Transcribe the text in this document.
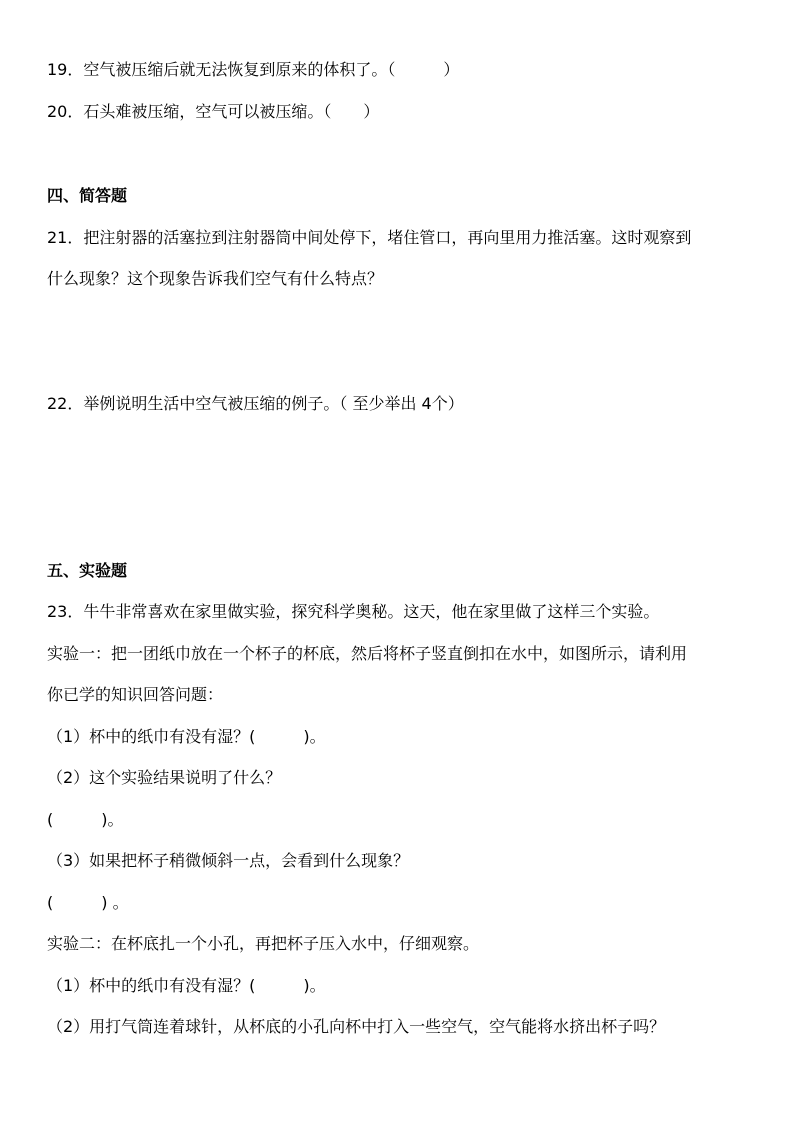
19．空气被压缩后就无法恢复到原来的体积了。（　　　）
20．石头难被压缩，空气可以被压缩。（　　）
四、简答题
21．把注射器的活塞拉到注射器筒中间处停下，堵住管口，再向里用力推活塞。这时观察到
什么现象？这个现象告诉我们空气有什么特点？
22．举例说明生活中空气被压缩的例子。（ 至少举出 4个）
五、实验题
23．牛牛非常喜欢在家里做实验，探究科学奥秘。这天，他在家里做了这样三个实验。
实验一：把一团纸巾放在一个杯子的杯底，然后将杯子竖直倒扣在水中，如图所示，请利用
你已学的知识回答问题：
（1）杯中的纸巾有没有湿？(　　　)。
（2）这个实验结果说明了什么？
(　　　)。
（3）如果把杯子稍微倾斜一点，会看到什么现象？
(　　　) 。
实验二：在杯底扎一个小孔，再把杯子压入水中，仔细观察。
（1）杯中的纸巾有没有湿？(　　　)。
（2）用打气筒连着球针，从杯底的小孔向杯中打入一些空气，空气能将水挤出杯子吗？
